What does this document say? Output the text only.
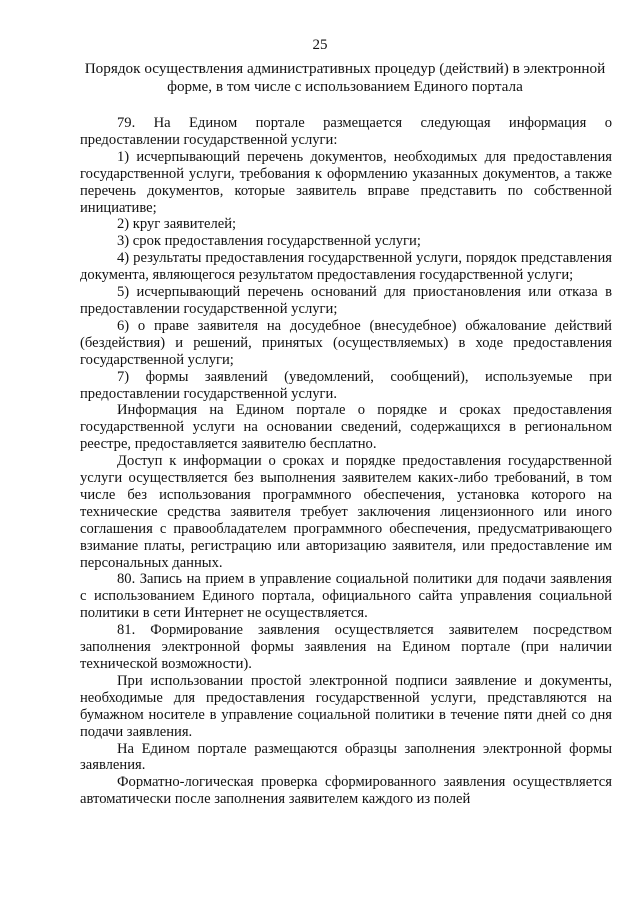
25
Порядок осуществления административных процедур (действий) в электронной форме, в том числе с использованием Единого портала

79. На Едином портале размещается следующая информация о предоставлении государственной услуги:

1) исчерпывающий перечень документов, необходимых для предоставления государственной услуги, требования к оформлению указанных документов, а также перечень документов, которые заявитель вправе представить по собственной инициативе;

2) круг заявителей;

3) срок предоставления государственной услуги;

4) результаты предоставления государственной услуги, порядок представления документа, являющегося результатом предоставления государственной услуги;

5) исчерпывающий перечень оснований для приостановления или отказа в предоставлении государственной услуги;

6) о праве заявителя на досудебное (внесудебное) обжалование действий (бездействия) и решений, принятых (осуществляемых) в ходе предоставления государственной услуги;

7) формы заявлений (уведомлений, сообщений), используемые при предоставлении государственной услуги.

Информация на Едином портале о порядке и сроках предоставления государственной услуги на основании сведений, содержащихся в региональном реестре, предоставляется заявителю бесплатно.

Доступ к информации о сроках и порядке предоставления государственной услуги осуществляется без выполнения заявителем каких-либо требований, в том числе без использования программного обеспечения, установка которого на технические средства заявителя требует заключения лицензионного или иного соглашения с правообладателем программного обеспечения, предусматривающего взимание платы, регистрацию или авторизацию заявителя, или предоставление им персональных данных.

80. Запись на прием в управление социальной политики для подачи заявления с использованием Единого портала, официального сайта управления социальной политики в сети Интернет не осуществляется.

81. Формирование заявления осуществляется заявителем посредством заполнения электронной формы заявления на Едином портале (при наличии технической возможности).

При использовании простой электронной подписи заявление и документы, необходимые для предоставления государственной услуги, представляются на бумажном носителе в управление социальной политики в течение пяти дней со дня подачи заявления.

На Едином портале размещаются образцы заполнения электронной формы заявления.

Форматно-логическая проверка сформированного заявления осуществляется автоматически после заполнения заявителем каждого из полей
